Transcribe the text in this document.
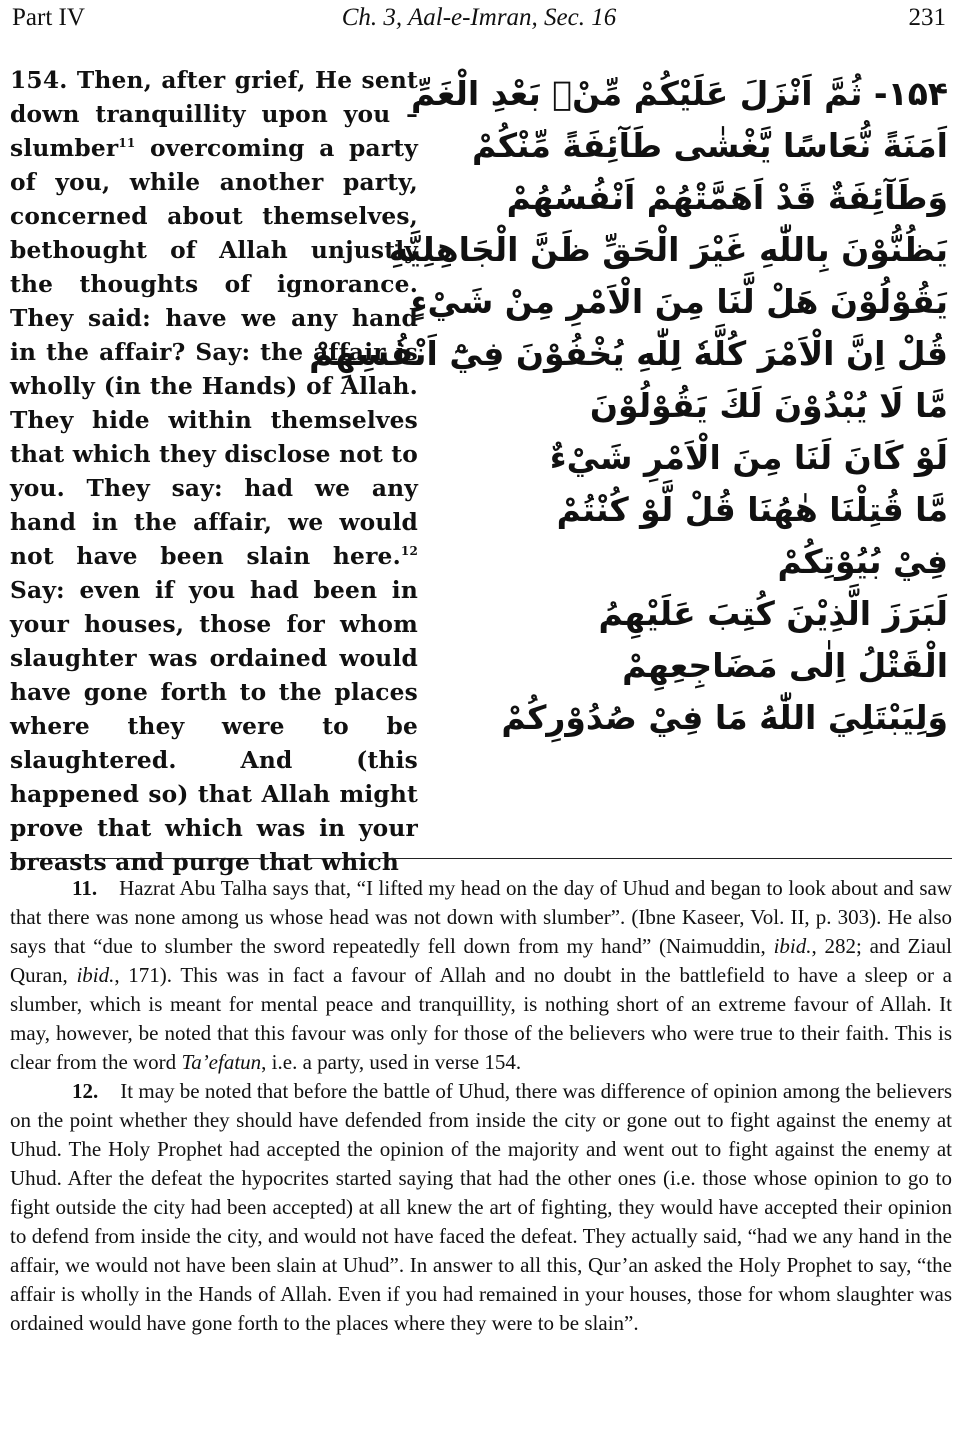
Part IV	Ch. 3, Aal-e-Imran, Sec. 16	231
154. Then, after grief, He sent down tranquillity upon you – slumber$^{11}$ overcoming a party of you, while another party, concerned about themselves, bethought of Allah unjustly the thoughts of ignorance. They said: have we any hand in the affair? Say: the affair is wholly (in the Hands) of Allah. They hide within themselves that which they disclose not to you. They say: had we any hand in the affair, we would not have been slain here.$^{12}$ Say: even if you had been in your houses, those for whom slaughter was ordained would have gone forth to the places where they were to be slaughtered. And (this happened so) that Allah might prove that which was in your breasts and purge that which
۱۵۴- ثُمَّ اَنْزَلَ عَلَيْكُمْ مِّنْۢ بَعْدِ الْغَمِّ
اَمَنَةً نُّعَاسًا يَّغْشٰى طَآئِفَةً مِّنْكُمْ
وَطَآئِفَةٌ قَدْ اَهَمَّتْهُمْ اَنْفُسُهُمْ
يَظُنُّوْنَ بِاللّٰهِ غَيْرَ الْحَقِّ ظَنَّ الْجَاهِلِيَّةِ
يَقُوْلُوْنَ هَلْ لَّنَا مِنَ الْاَمْرِ مِنْ شَيْءٍ
قُلْ اِنَّ الْاَمْرَ كُلَّهٗ لِلّٰهِ يُخْفُوْنَ فِيْٓ اَنْفُسِهِمْ
مَّا لَا يُبْدُوْنَ لَكَ يَقُوْلُوْنَ
لَوْ كَانَ لَنَا مِنَ الْاَمْرِ شَيْءٌ
مَّا قُتِلْنَا هٰهُنَا قُلْ لَّوْ كُنْتُمْ
فِيْ بُيُوْتِكُمْ
لَبَرَزَ الَّذِيْنَ كُتِبَ عَلَيْهِمُ
الْقَتْلُ اِلٰى مَضَاجِعِهِمْ
وَلِيَبْتَلِيَ اللّٰهُ مَا فِيْ صُدُوْرِكُمْ

11. Hazrat Abu Talha says that, “I lifted my head on the day of Uhud and began to look about and saw that there was none among us whose head was not down with slumber”. (Ibne Kaseer, Vol. II, p. 303). He also says that “due to slumber the sword repeatedly fell down from my hand” (Naimuddin, ibid., 282; and Ziaul Quran, ibid., 171). This was in fact a favour of Allah and no doubt in the battlefield to have a sleep or a slumber, which is meant for mental peace and tranquillity, is nothing short of an extreme favour of Allah. It may, however, be noted that this favour was only for those of the believers who were true to their faith. This is clear from the word Ta’efatun, i.e. a party, used in verse 154.

12. It may be noted that before the battle of Uhud, there was difference of opinion among the believers on the point whether they should have defended from inside the city or gone out to fight against the enemy at Uhud. The Holy Prophet had accepted the opinion of the majority and went out to fight against the enemy at Uhud. After the defeat the hypocrites started saying that had the other ones (i.e. those whose opinion to go to fight outside the city had been accepted) at all knew the art of fighting, they would have accepted their opinion to defend from inside the city, and would not have faced the defeat. They actually said, “had we any hand in the affair, we would not have been slain at Uhud”. In answer to all this, Qur’an asked the Holy Prophet to say, “the affair is wholly in the Hands of Allah. Even if you had remained in your houses, those for whom slaughter was ordained would have gone forth to the places where they were to be slain”.
